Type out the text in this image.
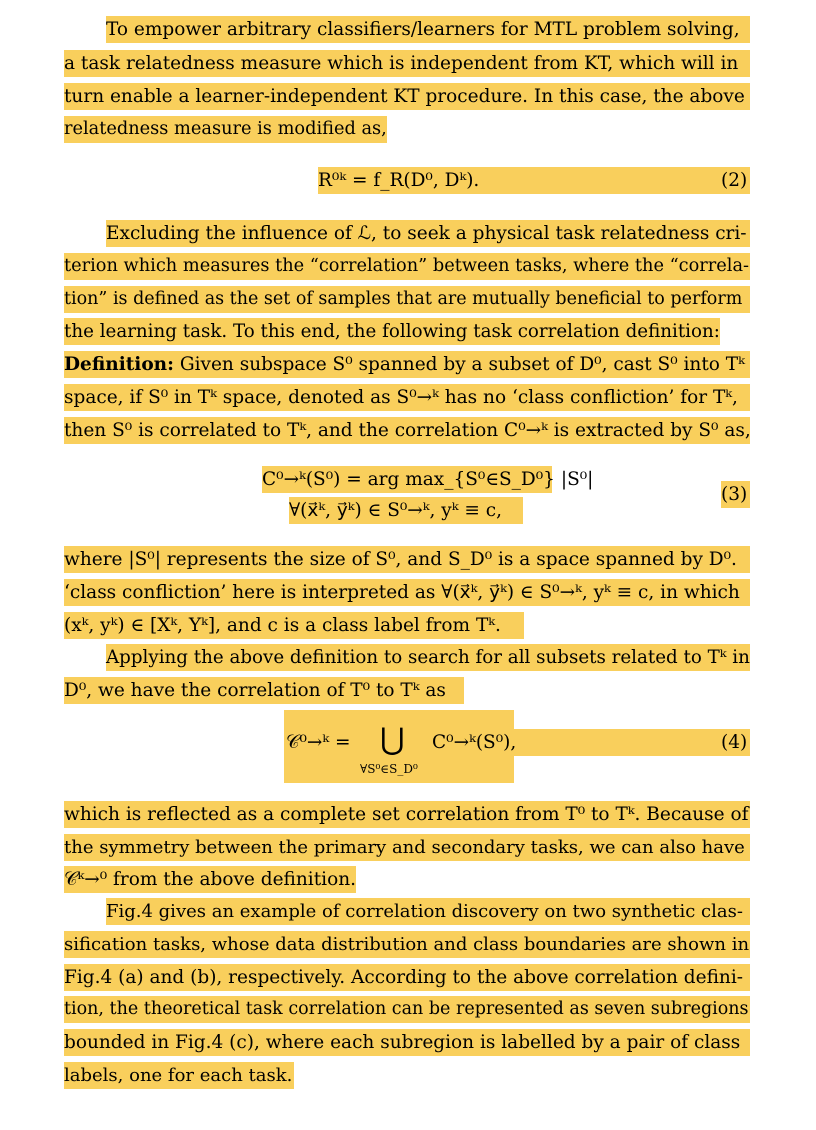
To empower arbitrary classifiers/learners for MTL problem solving,
a task relatedness measure which is independent from KT, which will in
turn enable a learner-independent KT procedure. In this case, the above
relatedness measure is modified as,
R⁰ᵏ = f_R(D⁰, Dᵏ).	(2)
Excluding the influence of ℒ, to seek a physical task relatedness cri-
terion which measures the “correlation” between tasks, where the “correla-
tion” is defined as the set of samples that are mutually beneficial to perform
the learning task. To this end, the following task correlation definition:
Definition: Given subspace S⁰ spanned by a subset of D⁰, cast S⁰ into Tᵏ
space, if S⁰ in Tᵏ space, denoted as S⁰→ᵏ has no ‘class confliction’ for Tᵏ,
then S⁰ is correlated to Tᵏ, and the correlation C⁰→ᵏ is extracted by S⁰ as,
C⁰→ᵏ(S⁰) = arg max_{S⁰∈S_D⁰} |S⁰|
∀(x⃗ᵏ, y⃗ᵏ) ∈ S⁰→ᵏ, yᵏ ≡ c,
(3)
where |S⁰| represents the size of S⁰, and S_D⁰ is a space spanned by D⁰.
‘class confliction’ here is interpreted as ∀(x⃗ᵏ, y⃗ᵏ) ∈ S⁰→ᵏ, yᵏ ≡ c, in which
(xᵏ, yᵏ) ∈ [Xᵏ, Yᵏ], and c is a class label from Tᵏ.
Applying the above definition to search for all subsets related to Tᵏ in
D⁰, we have the correlation of T⁰ to Tᵏ as
𝒞⁰→ᵏ = ⋃
∀S⁰∈S_D⁰
C⁰→ᵏ(S⁰),	(4)
which is reflected as a complete set correlation from T⁰ to Tᵏ. Because of
the symmetry between the primary and secondary tasks, we can also have
𝒞ᵏ→⁰ from the above definition.
Fig.4 gives an example of correlation discovery on two synthetic clas-
sification tasks, whose data distribution and class boundaries are shown in
Fig.4 (a) and (b), respectively. According to the above correlation defini-
tion, the theoretical task correlation can be represented as seven subregions
bounded in Fig.4 (c), where each subregion is labelled by a pair of class
labels, one for each task.
